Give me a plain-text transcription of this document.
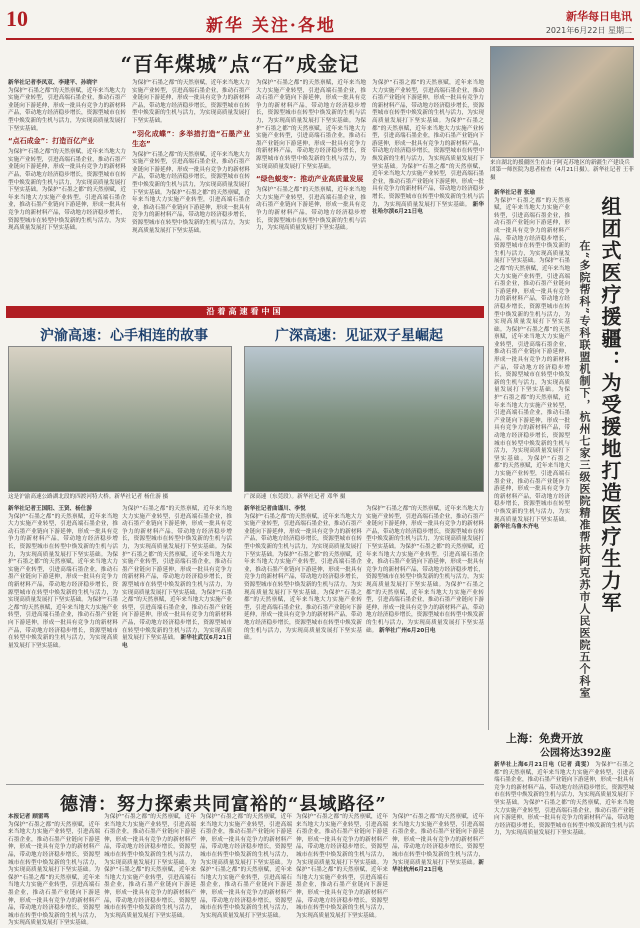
10	新华 关注·各地	新华每日电讯
2021年6月22日 星期二
“百年煤城”点“石”成金记
新华社记者李凤双、李建平、孙晓宇
为保护“石墨之都”的天然禀赋，近年来当地大力实施产业转型，引进高端石墨企业，推动石墨产业链向下游延伸，形成一批具有竞争力的新材料产品，带动地方经济稳步增长，资源型城市在转型中焕发新的生机与活力，为实现高质量发展打下坚实基础。
“点石成金”：打造百亿产业
为保护“石墨之都”的天然禀赋，近年来当地大力实施产业转型，引进高端石墨企业，推动石墨产业链向下游延伸，形成一批具有竞争力的新材料产品，带动地方经济稳步增长，资源型城市在转型中焕发新的生机与活力，为实现高质量发展打下坚实基础。为保护“石墨之都”的天然禀赋，近年来当地大力实施产业转型，引进高端石墨企业，推动石墨产业链向下游延伸，形成一批具有竞争力的新材料产品，带动地方经济稳步增长，资源型城市在转型中焕发新的生机与活力，为实现高质量发展打下坚实基础。
为保护“石墨之都”的天然禀赋，近年来当地大力实施产业转型，引进高端石墨企业，推动石墨产业链向下游延伸，形成一批具有竞争力的新材料产品，带动地方经济稳步增长，资源型城市在转型中焕发新的生机与活力，为实现高质量发展打下坚实基础。
“羽化成蝶”：多举措打造“石墨产业生态”
为保护“石墨之都”的天然禀赋，近年来当地大力实施产业转型，引进高端石墨企业，推动石墨产业链向下游延伸，形成一批具有竞争力的新材料产品，带动地方经济稳步增长，资源型城市在转型中焕发新的生机与活力，为实现高质量发展打下坚实基础。为保护“石墨之都”的天然禀赋，近年来当地大力实施产业转型，引进高端石墨企业，推动石墨产业链向下游延伸，形成一批具有竞争力的新材料产品，带动地方经济稳步增长，资源型城市在转型中焕发新的生机与活力，为实现高质量发展打下坚实基础。
为保护“石墨之都”的天然禀赋，近年来当地大力实施产业转型，引进高端石墨企业，推动石墨产业链向下游延伸，形成一批具有竞争力的新材料产品，带动地方经济稳步增长，资源型城市在转型中焕发新的生机与活力，为实现高质量发展打下坚实基础。为保护“石墨之都”的天然禀赋，近年来当地大力实施产业转型，引进高端石墨企业，推动石墨产业链向下游延伸，形成一批具有竞争力的新材料产品，带动地方经济稳步增长，资源型城市在转型中焕发新的生机与活力，为实现高质量发展打下坚实基础。
“绿色蜕变”：推动产业高质量发展
为保护“石墨之都”的天然禀赋，近年来当地大力实施产业转型，引进高端石墨企业，推动石墨产业链向下游延伸，形成一批具有竞争力的新材料产品，带动地方经济稳步增长，资源型城市在转型中焕发新的生机与活力，为实现高质量发展打下坚实基础。
为保护“石墨之都”的天然禀赋，近年来当地大力实施产业转型，引进高端石墨企业，推动石墨产业链向下游延伸，形成一批具有竞争力的新材料产品，带动地方经济稳步增长，资源型城市在转型中焕发新的生机与活力，为实现高质量发展打下坚实基础。为保护“石墨之都”的天然禀赋，近年来当地大力实施产业转型，引进高端石墨企业，推动石墨产业链向下游延伸，形成一批具有竞争力的新材料产品，带动地方经济稳步增长，资源型城市在转型中焕发新的生机与活力，为实现高质量发展打下坚实基础。为保护“石墨之都”的天然禀赋，近年来当地大力实施产业转型，引进高端石墨企业，推动石墨产业链向下游延伸，形成一批具有竞争力的新材料产品，带动地方经济稳步增长，资源型城市在转型中焕发新的生机与活力，为实现高质量发展打下坚实基础。 新华社哈尔滨6月21日电
来自湖北的援疆医生在由于阿克苏地区的新疆生产建设兵团第一师医院为患者检查（4月21日摄）。新华社记者 王菲 摄
沿着高速看中国
沪渝高速：心手相连的故事	广深高速：见证双子星崛起
这是沪渝高速公路湖北段的四渡河特大桥。新华社记者 杨仕游 摄	广深高速（东莞段）。新华社记者 邓华 摄
新华社记者王国阳、王贤、杨仕游
为保护“石墨之都”的天然禀赋，近年来当地大力实施产业转型，引进高端石墨企业，推动石墨产业链向下游延伸，形成一批具有竞争力的新材料产品，带动地方经济稳步增长，资源型城市在转型中焕发新的生机与活力，为实现高质量发展打下坚实基础。为保护“石墨之都”的天然禀赋，近年来当地大力实施产业转型，引进高端石墨企业，推动石墨产业链向下游延伸，形成一批具有竞争力的新材料产品，带动地方经济稳步增长，资源型城市在转型中焕发新的生机与活力，为实现高质量发展打下坚实基础。为保护“石墨之都”的天然禀赋，近年来当地大力实施产业转型，引进高端石墨企业，推动石墨产业链向下游延伸，形成一批具有竞争力的新材料产品，带动地方经济稳步增长，资源型城市在转型中焕发新的生机与活力，为实现高质量发展打下坚实基础。
为保护“石墨之都”的天然禀赋，近年来当地大力实施产业转型，引进高端石墨企业，推动石墨产业链向下游延伸，形成一批具有竞争力的新材料产品，带动地方经济稳步增长，资源型城市在转型中焕发新的生机与活力，为实现高质量发展打下坚实基础。为保护“石墨之都”的天然禀赋，近年来当地大力实施产业转型，引进高端石墨企业，推动石墨产业链向下游延伸，形成一批具有竞争力的新材料产品，带动地方经济稳步增长，资源型城市在转型中焕发新的生机与活力，为实现高质量发展打下坚实基础。为保护“石墨之都”的天然禀赋，近年来当地大力实施产业转型，引进高端石墨企业，推动石墨产业链向下游延伸，形成一批具有竞争力的新材料产品，带动地方经济稳步增长，资源型城市在转型中焕发新的生机与活力，为实现高质量发展打下坚实基础。 新华社武汉6月21日电
新华社记者曲谨川、李悦
为保护“石墨之都”的天然禀赋，近年来当地大力实施产业转型，引进高端石墨企业，推动石墨产业链向下游延伸，形成一批具有竞争力的新材料产品，带动地方经济稳步增长，资源型城市在转型中焕发新的生机与活力，为实现高质量发展打下坚实基础。为保护“石墨之都”的天然禀赋，近年来当地大力实施产业转型，引进高端石墨企业，推动石墨产业链向下游延伸，形成一批具有竞争力的新材料产品，带动地方经济稳步增长，资源型城市在转型中焕发新的生机与活力，为实现高质量发展打下坚实基础。为保护“石墨之都”的天然禀赋，近年来当地大力实施产业转型，引进高端石墨企业，推动石墨产业链向下游延伸，形成一批具有竞争力的新材料产品，带动地方经济稳步增长，资源型城市在转型中焕发新的生机与活力，为实现高质量发展打下坚实基础。
为保护“石墨之都”的天然禀赋，近年来当地大力实施产业转型，引进高端石墨企业，推动石墨产业链向下游延伸，形成一批具有竞争力的新材料产品，带动地方经济稳步增长，资源型城市在转型中焕发新的生机与活力，为实现高质量发展打下坚实基础。为保护“石墨之都”的天然禀赋，近年来当地大力实施产业转型，引进高端石墨企业，推动石墨产业链向下游延伸，形成一批具有竞争力的新材料产品，带动地方经济稳步增长，资源型城市在转型中焕发新的生机与活力，为实现高质量发展打下坚实基础。为保护“石墨之都”的天然禀赋，近年来当地大力实施产业转型，引进高端石墨企业，推动石墨产业链向下游延伸，形成一批具有竞争力的新材料产品，带动地方经济稳步增长，资源型城市在转型中焕发新的生机与活力，为实现高质量发展打下坚实基础。 新华社广州6月20日电
新华社记者 张瑜
为保护“石墨之都”的天然禀赋，近年来当地大力实施产业转型，引进高端石墨企业，推动石墨产业链向下游延伸，形成一批具有竞争力的新材料产品，带动地方经济稳步增长，资源型城市在转型中焕发新的生机与活力，为实现高质量发展打下坚实基础。为保护“石墨之都”的天然禀赋，近年来当地大力实施产业转型，引进高端石墨企业，推动石墨产业链向下游延伸，形成一批具有竞争力的新材料产品，带动地方经济稳步增长，资源型城市在转型中焕发新的生机与活力，为实现高质量发展打下坚实基础。为保护“石墨之都”的天然禀赋，近年来当地大力实施产业转型，引进高端石墨企业，推动石墨产业链向下游延伸，形成一批具有竞争力的新材料产品，带动地方经济稳步增长，资源型城市在转型中焕发新的生机与活力，为实现高质量发展打下坚实基础。为保护“石墨之都”的天然禀赋，近年来当地大力实施产业转型，引进高端石墨企业，推动石墨产业链向下游延伸，形成一批具有竞争力的新材料产品，带动地方经济稳步增长，资源型城市在转型中焕发新的生机与活力，为实现高质量发展打下坚实基础。为保护“石墨之都”的天然禀赋，近年来当地大力实施产业转型，引进高端石墨企业，推动石墨产业链向下游延伸，形成一批具有竞争力的新材料产品，带动地方经济稳步增长，资源型城市在转型中焕发新的生机与活力，为实现高质量发展打下坚实基础。 新华社乌鲁木齐电	组团式医疗援疆：为受援地打造医疗生力军
在“多院帮科”专科联盟机制下，杭州七家三级医院精准帮扶阿克苏市人民医院五个科室
上海：免费开放
公园将达392座
新华社上海6月21日电（记者 龚雯） 为保护“石墨之都”的天然禀赋，近年来当地大力实施产业转型，引进高端石墨企业，推动石墨产业链向下游延伸，形成一批具有竞争力的新材料产品，带动地方经济稳步增长，资源型城市在转型中焕发新的生机与活力，为实现高质量发展打下坚实基础。为保护“石墨之都”的天然禀赋，近年来当地大力实施产业转型，引进高端石墨企业，推动石墨产业链向下游延伸，形成一批具有竞争力的新材料产品，带动地方经济稳步增长，资源型城市在转型中焕发新的生机与活力，为实现高质量发展打下坚实基础。
德清：努力探索共同富裕的“县域路径”
本报记者 顾雷鸣
为保护“石墨之都”的天然禀赋，近年来当地大力实施产业转型，引进高端石墨企业，推动石墨产业链向下游延伸，形成一批具有竞争力的新材料产品，带动地方经济稳步增长，资源型城市在转型中焕发新的生机与活力，为实现高质量发展打下坚实基础。为保护“石墨之都”的天然禀赋，近年来当地大力实施产业转型，引进高端石墨企业，推动石墨产业链向下游延伸，形成一批具有竞争力的新材料产品，带动地方经济稳步增长，资源型城市在转型中焕发新的生机与活力，为实现高质量发展打下坚实基础。
为保护“石墨之都”的天然禀赋，近年来当地大力实施产业转型，引进高端石墨企业，推动石墨产业链向下游延伸，形成一批具有竞争力的新材料产品，带动地方经济稳步增长，资源型城市在转型中焕发新的生机与活力，为实现高质量发展打下坚实基础。为保护“石墨之都”的天然禀赋，近年来当地大力实施产业转型，引进高端石墨企业，推动石墨产业链向下游延伸，形成一批具有竞争力的新材料产品，带动地方经济稳步增长，资源型城市在转型中焕发新的生机与活力，为实现高质量发展打下坚实基础。
为保护“石墨之都”的天然禀赋，近年来当地大力实施产业转型，引进高端石墨企业，推动石墨产业链向下游延伸，形成一批具有竞争力的新材料产品，带动地方经济稳步增长，资源型城市在转型中焕发新的生机与活力，为实现高质量发展打下坚实基础。为保护“石墨之都”的天然禀赋，近年来当地大力实施产业转型，引进高端石墨企业，推动石墨产业链向下游延伸，形成一批具有竞争力的新材料产品，带动地方经济稳步增长，资源型城市在转型中焕发新的生机与活力，为实现高质量发展打下坚实基础。
为保护“石墨之都”的天然禀赋，近年来当地大力实施产业转型，引进高端石墨企业，推动石墨产业链向下游延伸，形成一批具有竞争力的新材料产品，带动地方经济稳步增长，资源型城市在转型中焕发新的生机与活力，为实现高质量发展打下坚实基础。为保护“石墨之都”的天然禀赋，近年来当地大力实施产业转型，引进高端石墨企业，推动石墨产业链向下游延伸，形成一批具有竞争力的新材料产品，带动地方经济稳步增长，资源型城市在转型中焕发新的生机与活力，为实现高质量发展打下坚实基础。
为保护“石墨之都”的天然禀赋，近年来当地大力实施产业转型，引进高端石墨企业，推动石墨产业链向下游延伸，形成一批具有竞争力的新材料产品，带动地方经济稳步增长，资源型城市在转型中焕发新的生机与活力，为实现高质量发展打下坚实基础。新华社杭州6月21日电
